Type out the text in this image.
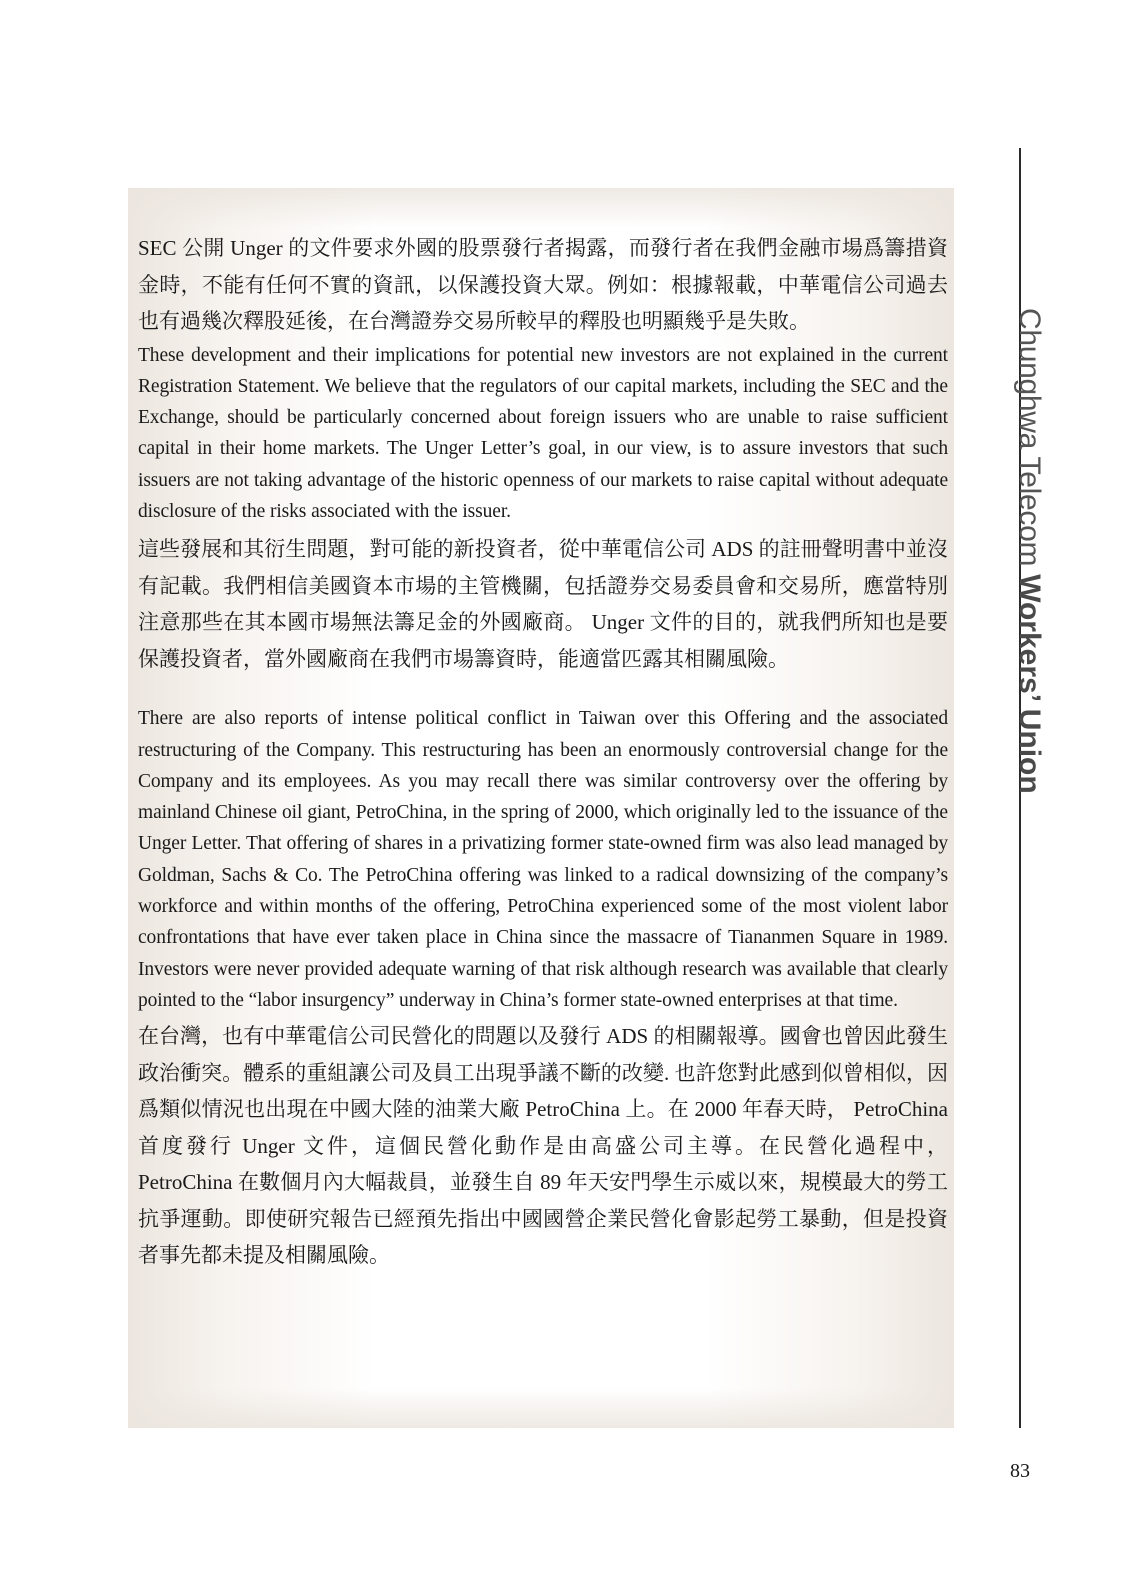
SEC 公開 Unger 的文件要求外國的股票發行者揭露，而發行者在我們金融市場爲籌措資金時，不能有任何不實的資訊，以保護投資大眾。例如：根據報載，中華電信公司過去也有過幾次釋股延後，在台灣證券交易所較早的釋股也明顯幾乎是失敗。

These development and their implications for potential new investors are not explained in the current Registration Statement. We believe that the regulators of our capital markets, including the SEC and the Exchange, should be particularly concerned about foreign issuers who are unable to raise sufficient capital in their home markets. The Unger Letter’s goal, in our view, is to assure investors that such issuers are not taking advantage of the historic openness of our markets to raise capital without adequate disclosure of the risks associated with the issuer.

這些發展和其衍生問題，對可能的新投資者，從中華電信公司 ADS 的註冊聲明書中並沒有記載。我們相信美國資本市場的主管機關，包括證券交易委員會和交易所，應當特別注意那些在其本國市場無法籌足金的外國廠商。 Unger 文件的目的，就我們所知也是要保護投資者，當外國廠商在我們市場籌資時，能適當匹露其相關風險。

There are also reports of intense political conflict in Taiwan over this Offering and the associated restructuring of the Company. This restructuring has been an enormously controversial change for the Company and its employees. As you may recall there was similar controversy over the offering by mainland Chinese oil giant, PetroChina, in the spring of 2000, which originally led to the issuance of the Unger Letter. That offering of shares in a privatizing former state-owned firm was also lead managed by Goldman, Sachs & Co. The PetroChina offering was linked to a radical downsizing of the company’s workforce and within months of the offering, PetroChina experienced some of the most violent labor confrontations that have ever taken place in China since the massacre of Tiananmen Square in 1989. Investors were never provided adequate warning of that risk although research was available that clearly pointed to the “labor insurgency” underway in China’s former state-owned enterprises at that time.

在台灣，也有中華電信公司民營化的問題以及發行 ADS 的相關報導。國會也曾因此發生政治衝突。體系的重組讓公司及員工出現爭議不斷的改變. 也許您對此感到似曾相似，因爲類似情況也出現在中國大陸的油業大廠 PetroChina 上。在 2000 年春天時， PetroChina 首度發行 Unger 文件，這個民營化動作是由高盛公司主導。在民營化過程中， PetroChina 在數個月內大幅裁員，並發生自 89 年天安門學生示威以來，規模最大的勞工抗爭運動。即使研究報告已經預先指出中國國營企業民營化會影起勞工暴動，但是投資者事先都未提及相關風險。

Chunghwa Telecom Workers’ Union
83
